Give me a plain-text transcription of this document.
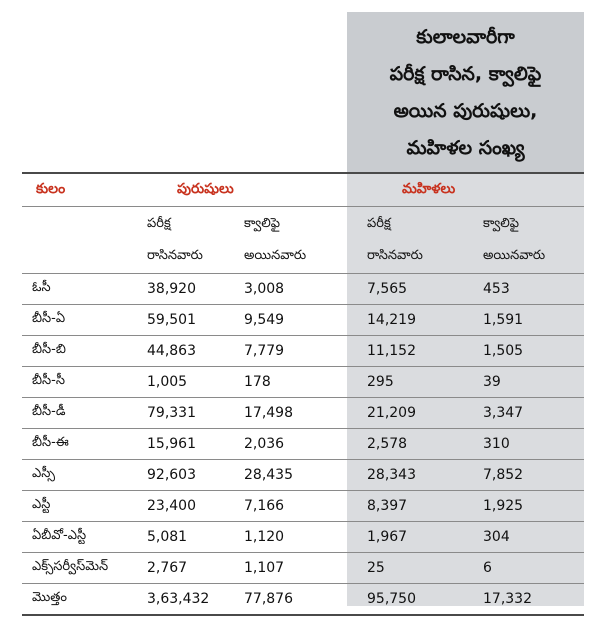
కులాలవారీగా
పరీక్ష రాసిన, క్వాలిఫై
అయిన పురుషులు,
మహిళల సంఖ్య
కులం	పురుషులు		మహిళలు	
	పరీక్ష	క్వాలిఫై	పరీక్ష	క్వాలిఫై
	రాసినవారు	అయినవారు	రాసినవారు	అయినవారు
ఓసీ	38,920	3,008	7,565	453
బీసీ-ఏ	59,501	9,549	14,219	1,591
బీసీ-బి	44,863	7,779	11,152	1,505
బీసీ-సీ	1,005	178	295	39
బీసీ-డీ	79,331	17,498	21,209	3,347
బీసీ-ఈ	15,961	2,036	2,578	310
ఎస్సీ	92,603	28,435	28,343	7,852
ఎస్టీ	23,400	7,166	8,397	1,925
ఏబీవో-ఎస్టీ	5,081	1,120	1,967	304
ఎక్స్‌సర్వీస్‌మెన్	2,767	1,107	25	6
మొత్తం	3,63,432	77,876	95,750	17,332
